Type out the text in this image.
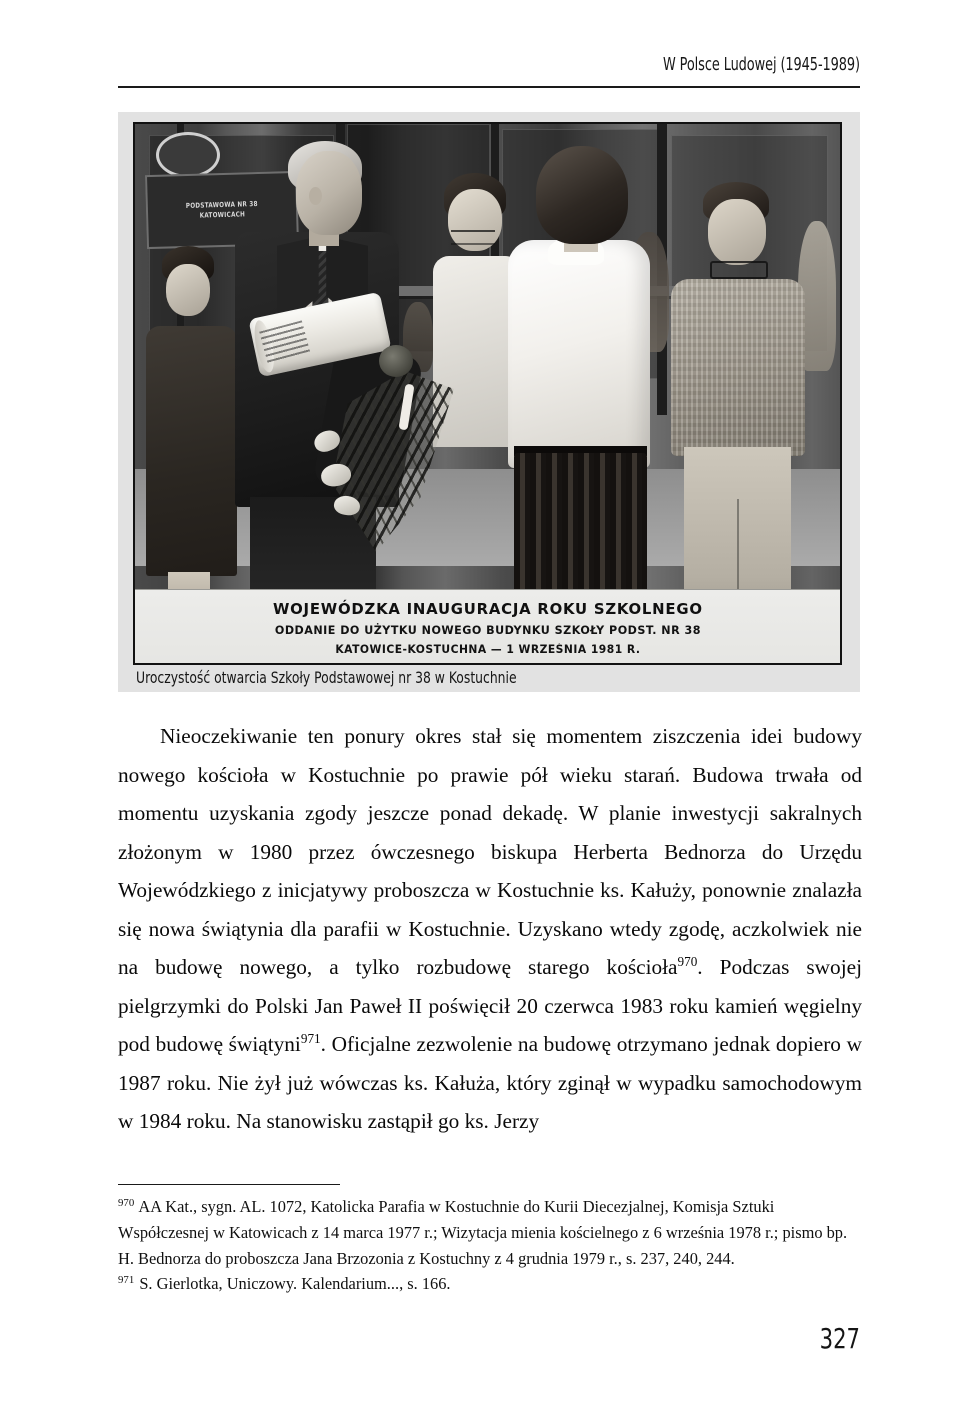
W Polsce Ludowej (1945-1989)
PODSTAWOWA NR 38
KATOWICACH
WOJEWÓDZKA INAUGURACJA ROKU SZKOLNEGO
ODDANIE DO UŻYTKU NOWEGO BUDYNKU SZKOŁY PODST. NR 38
KATOWICE-KOSTUCHNA — 1 WRZEŚNIA 1981 R.
Uroczystość otwarcia Szkoły Podstawowej nr 38 w Kostuchnie

Nieoczekiwanie ten ponury okres stał się momentem ziszczenia idei budowy nowego kościoła w Kostuchnie po prawie pół wieku starań. Budowa trwała od momentu uzyskania zgody jeszcze ponad dekadę. W planie inwestycji sakralnych złożonym w 1980 przez ówczesnego biskupa Herberta Bednorza do Urzędu Wojewódzkiego z inicjatywy proboszcza w Kostuchnie ks. Kałuży, ponownie znalazła się nowa świątynia dla parafii w Kostuchnie. Uzyskano wtedy zgodę, aczkolwiek nie na budowę nowego, a tylko rozbudowę starego kościoła$^{970}$. Podczas swojej pielgrzymki do Polski Jan Paweł II poświęcił 20 czerwca 1983 roku kamień węgielny pod budowę świątyni$^{971}$. Oficjalne zezwolenie na budowę otrzymano jednak dopiero w 1987 roku. Nie żył już wówczas ks. Kałuża, który zginął w wypadku samochodowym w 1984 roku. Na stanowisku zastąpił go ks. Jerzy

$^{970}$ AA Kat., sygn. AL. 1072, Katolicka Parafia w Kostuchnie do Kurii Diecezjalnej, Komisja Sztuki Współczesnej w Katowicach z 14 marca 1977 r.; Wizytacja mienia kościelnego z 6 września 1978 r.; pismo bp. H. Bednorza do proboszcza Jana Brzozonia z Kostuchny z 4 grudnia 1979 r., s. 237, 240, 244.

$^{971}$ S. Gierlotka, Uniczowy. Kalendarium..., s. 166.

327
